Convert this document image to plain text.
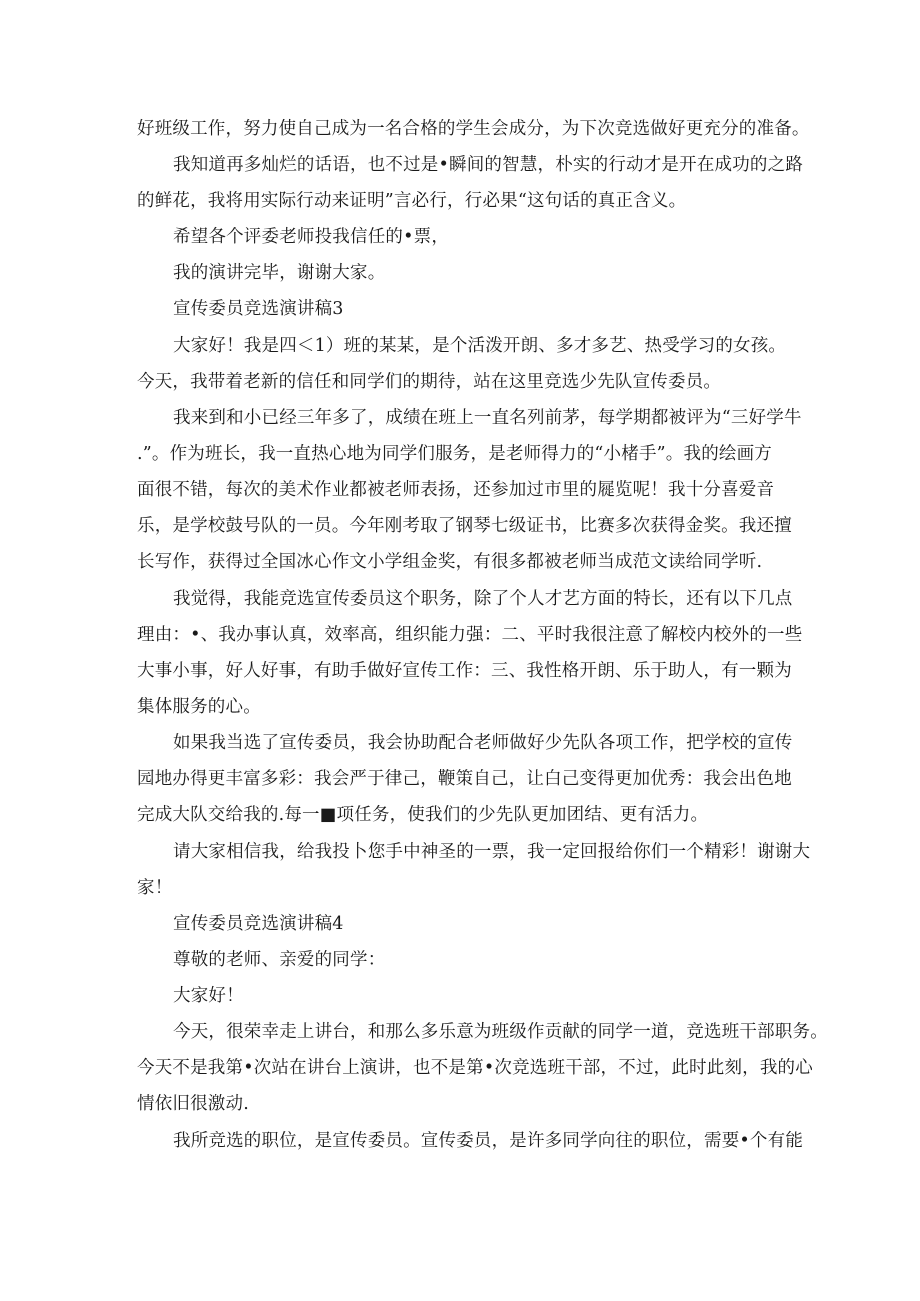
好班级工作，努力使自己成为一名合格的学生会成分，为下次竞选做好更充分的准备。
我知道再多灿烂的话语，也不过是•瞬间的智慧，朴实的行动才是开在成功的之路
的鲜花，我将用实际行动来证明”言必行，行必果“这句话的真正含义。
希望各个评委老师投我信任的•票，
我的演讲完毕，谢谢大家。
宣传委员竞选演讲稿3
大家好！我是四＜1）班的某某，是个活泼开朗、多才多艺、热受学习的女孩。
今天，我带着老新的信任和同学们的期待，站在这里竞选少先队宣传委员。
我来到和小已经三年多了，成绩在班上一直名列前茅，每学期都被评为“三好学牛
.”。作为班长，我一直热心地为同学们服务，是老师得力的“小楮手”。我的绘画方
面很不错，每次的美术作业都被老师表扬，还参加过市里的屣览呢！我十分喜爱音
乐，是学校鼓号队的一员。今年刚考取了钢琴七级证书，比赛多次获得金奖。我还擅
长写作，获得过全国冰心作文小学组金奖，有很多都被老师当成范文读给同学听.
我觉得，我能竞选宣传委员这个职务，除了个人才艺方面的特长，还有以下几点
理由：•、我办事认真，效率高，组织能力强：二、平时我很注意了解校内校外的一些
大事小事，好人好事，有助手做好宣传工作：三、我性格开朗、乐于助人，有一颗为
集体服务的心。
如果我当选了宣传委员，我会协助配合老师做好少先队各项工作，把学校的宣传
园地办得更丰富多彩：我会严于律己，鞭策自己，让白己变得更加优秀：我会出色地
完成大队交给我的.每一■项任务，使我们的少先队更加团结、更有活力。
请大家相信我，给我投卜您手中神圣的一票，我一定回报给你们一个精彩！谢谢大
家！
宣传委员竞选演讲稿4
尊敬的老师、亲爱的同学：
大家好！
今天，很荣幸走上讲台，和那么多乐意为班级作贡献的同学一道，竞选班干部职务。
今天不是我第•次站在讲台上演讲，也不是第•次竞选班干部，不过，此时此刻，我的心
情依旧很激动.
我所竞选的职位，是宣传委员。宣传委员，是许多同学向往的职位，需要•个有能
